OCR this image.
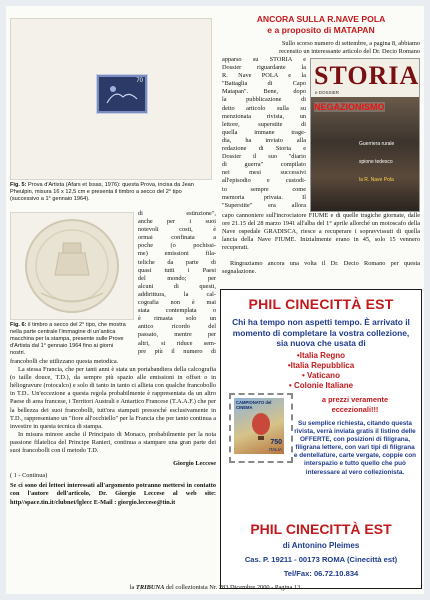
70
Fig. 5: Prova d'Artista (Afars et Issas, 1976): questa Prova, incisa da Jean Pheulpin, misura 16 x 12,5 cm e presenta il timbro a secco del 2° tipo (successivo a 1° gennaio 1964).
Fig. 6: il timbro a secco del 2° tipo, che mostra nella parte centrale l'immagine di un'antica macchina per la stampa, presente sulle Prove d'Artista dal 1° gennaio 1964 fino ai giorni nostri.
di estinzione",
anche per i suoi
notevoli costi, è
ormai confinata a
poche (o pochissi-
me) emissioni fila-
teliche da parte di
quasi tutti i Paesi
del mondo; per
alcuni di questi,
addirittura, la cal-
cografia non è mai
stata contemplata o
è rimasta solo un
antico ricordo del
passato, mentre per
altri, si riduce sem-
pre più il numero di
francobolli che utilizzano questa metodica.
La stessa Francia, che per tanti anni è stata un portabandiera della calcografia (o taille douce, T.D.), da sempre più spazio alle emissioni in offset o in héliogravure (rotocalco) e solo di tanto in tanto ci allieta con qualche francobollo in T.D.. Un'eccezione a questa regola probabilmente è rappresentata da un altro Paese di area francese, i Territori Australi e Antartico Francese (T.A.A.F.) che per la bellezza dei suoi francobolli, tutt'ora stampati pressoché esclusivamente in T.D., rappresentano un "fiore all'occhiello" per la Francia che per tanto continua a investire in questa tecnica di stampa.
In misura minore anche il Principato di Monaco, probabilmente per la nota passione filatelica del Principe Ranieri, continua a stampare una gran parte dei suoi francobolli con il metodo T.D.
Giorgio Leccese
( 1 - Continua)
Se ci sono dei lettori interessati all'argomento potranno mettersi in contatto con l'autore dell'articolo, Dr. Giorgio Leccese al web site: http//space.tin.it/clubnet/lglecc E-Mail : giorgio.leccese@tin.it
ANCORA SULLA R.NAVE POLA
e a proposito di MATAPAN
Sullo scorso numero di settembre, a pagina 8, abbiamo
recensito un interessante articolo del Dr. Decio Romano
apparso su STORIA e
Dossier riguardante la
R. Nave POLA e la
"Battaglia di Capo
Matapan". Bene, dopo
la pubblicazione di
detto articolo sulla su
menzionata rivista, un
lettore, superstite di
quella immane trage-
dia, ha inviato alla
redazione di Storia e
Dossier il suo "diario
di guerra" compilato
nei mesi successivi
all'episodio e custodi-
to sempre come
memoria privata. Il
"Superstite" era allora
STORIA
e DOSSIER
NEGAZIONISMO
Guerriera rurale
spione tedesco
la R. Nave Pola
capo cannoniere sull'incrociatore FIUME e di quelle tragiche giornate, dalle ore 21.15 del 28 marzo 1941 all'alba del 1° aprile allorché un motoscafo della Nave ospedale GRADISCA, riesce a recuperare i sopravvissuti di quella lancia della Nave FIUME. Inizialmente erano in 45, solo 15 vennero recuperati.
Ringraziamo ancora una volta il Dr. Decio Romano per questa segnalazione.
PHIL CINECITTÀ EST
Chi ha tempo non aspetti tempo. È arrivato il momento di completare la vostra collezione, sia nuova che usata di
•Italia Regno
•Italia Repubblica
• Vaticano
• Colonie Italiane
CAMPIONATO del CINEMA
750
ITALIA
a prezzi veramente
eccezionali!!!
Su semplice richiesta, citando questa rivista, verrà inviata gratis il listino delle OFFERTE, con posizioni di filigrana, filigrana lettere, con vari tipi di filigrana e dentellature, carte vergate, coppie con interspazio e tutto quello che può interessare al vero collezionista.
PHIL CINECITTÀ EST
di Antonino Pleimes
Cas. P. 19211 - 00173 ROMA (Cinecittà est)
Tel/Fax: 06.72.10.834
la TRIBUNA del collezionista Nr. 283 Dicembre 2000 - Pagina 13
